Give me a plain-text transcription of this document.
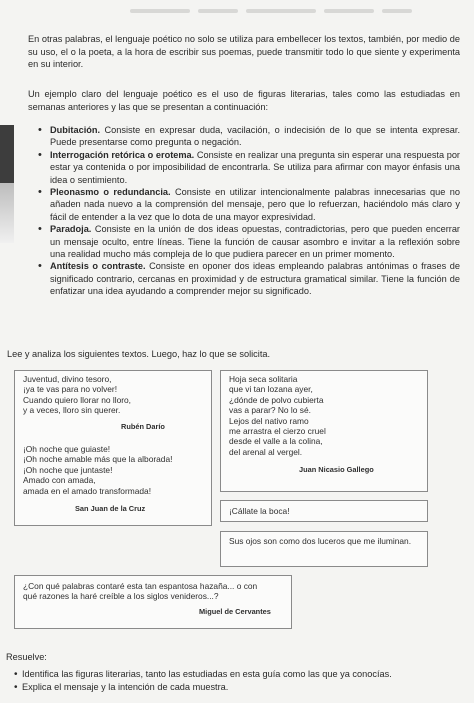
En otras palabras, el lenguaje poético no solo se utiliza para embellecer los textos, también, por medio de su uso, el o la poeta, a la hora de escribir sus poemas, puede transmitir todo lo que siente y experimenta en su interior.

Un ejemplo claro del lenguaje poético es el uso de figuras literarias, tales como las estudiadas en semanas anteriores y las que se presentan a continuación:

• Dubitación. Consiste en expresar duda, vacilación, o indecisión de lo que se intenta expresar. Puede presentarse como pregunta o negación.
• Interrogación retórica o erotema. Consiste en realizar una pregunta sin esperar una respuesta por estar ya contenida o por imposibilidad de encontrarla. Se utiliza para afirmar con mayor énfasis una idea o sentimiento.
• Pleonasmo o redundancia. Consiste en utilizar intencionalmente palabras innecesarias que no añaden nada nuevo a la comprensión del mensaje, pero que lo refuerzan, haciéndolo más claro y fácil de entender a la vez que lo dota de una mayor expresividad.
• Paradoja. Consiste en la unión de dos ideas opuestas, contradictorias, pero que pueden encerrar un mensaje oculto, entre líneas. Tiene la función de causar asombro e invitar a la reflexión sobre una realidad mucho más compleja de lo que pudiera parecer en un primer momento.
• Antítesis o contraste. Consiste en oponer dos ideas empleando palabras antónimas o frases de significado contrario, cercanas en proximidad y de estructura gramatical similar. Tiene la función de enfatizar una idea ayudando a comprender mejor su significado.
Lee y analiza los siguientes textos. Luego, haz lo que se solicita.
Juventud, divino tesoro,
¡ya te vas para no volver!
Cuando quiero llorar no lloro,
y a veces, lloro sin querer.
Rubén Darío
¡Oh noche que guiaste!
¡Oh noche amable más que la alborada!
¡Oh noche que juntaste!
Amado con amada,
amada en el amado transformada!
San Juan de la Cruz
Hoja seca solitaria
que vi tan lozana ayer,
¿dónde de polvo cubierta
vas a parar? No lo sé.
Lejos del nativo ramo
me arrastra el cierzo cruel
desde el valle a la colina,
del arenal al vergel.
Juan Nicasio Gallego
¡Cállate la boca!
Sus ojos son como dos luceros que me iluminan.
¿Con qué palabras contaré esta tan espantosa hazaña... o con
qué razones la haré creíble a los siglos venideros...?
Miguel de Cervantes
Resuelve:
• Identifica las figuras literarias, tanto las estudiadas en esta guía como las que ya conocías.
• Explica el mensaje y la intención de cada muestra.
